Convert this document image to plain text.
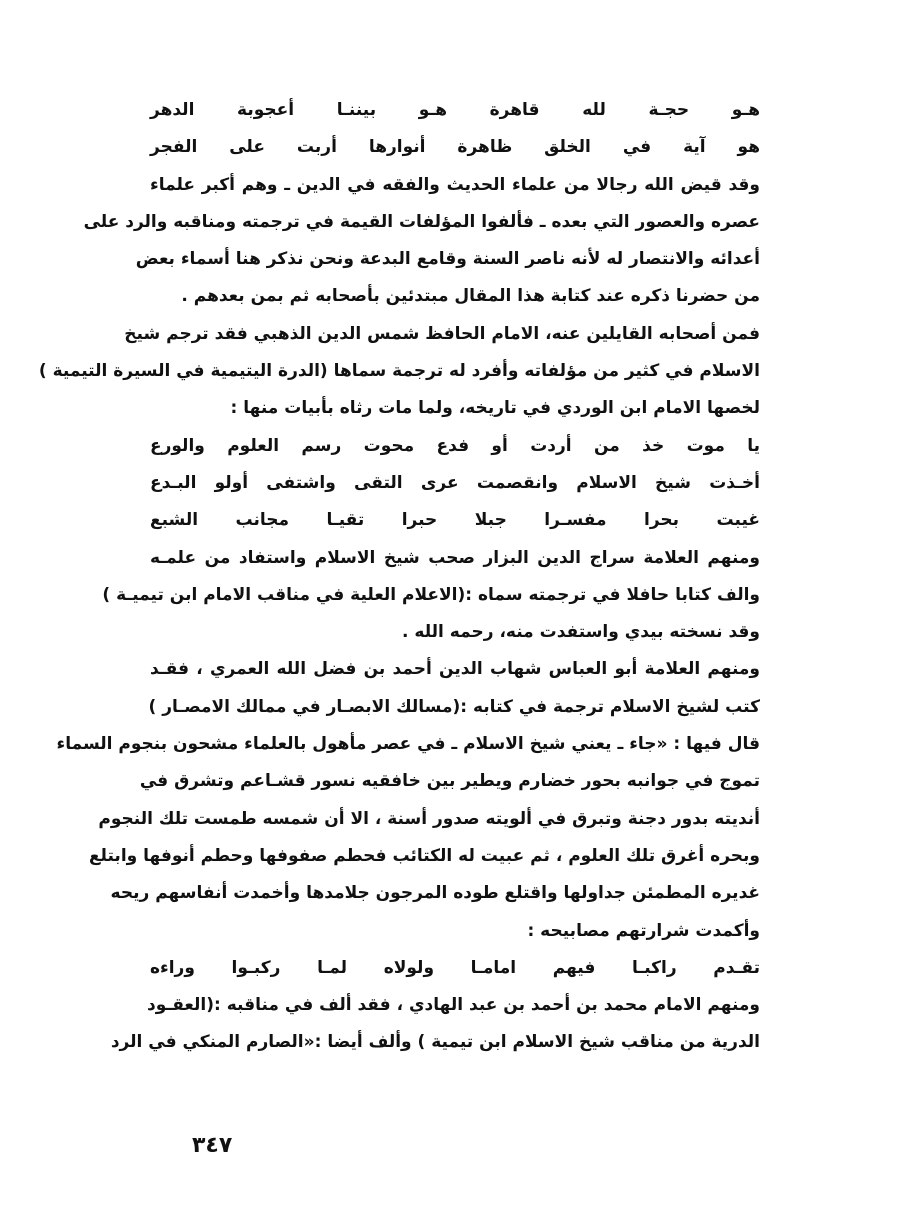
هـو حجـة لله قاهرة هـو بيننـا أعجوبة الدهر
هو آية في الخلق ظاهرة أنوارها أربت على الفجر
وقد قيض الله رجالا من علماء الحديث والفقه في الدين ـ وهم أكبر علماء
عصره والعصور التي بعده ـ فألفوا المؤلفات القيمة في ترجمته ومناقبه والرد على
أعدائه والانتصار له لأنه ناصر السنة وقامع البدعة ونحن نذكر هنا أسماء بعض
من حضرنا ذكره عند كتابة هذا المقال مبتدئين بأصحابه ثم بمن بعدهم .
فمن أصحابه القايلين عنه، الامام الحافظ شمس الدين الذهبي فقد ترجم شيخ
الاسلام في كثير من مؤلفاته وأفرد له ترجمة سماها (الدرة اليتيمية في السيرة التيمية )
لخصها الامام ابن الوردي في تاريخه، ولما مات رثاه بأبيات منها :
يا موت خذ من أردت أو فدع محوت رسم العلوم والورع
أخـذت شيخ الاسلام وانقصمت عرى التقى واشتفى أولو البـدع
غيبت بحرا مفسـرا جبلا حبرا تقيـا مجانب الشبع
ومنهم العلامة سراج الدين البزار صحب شيخ الاسلام واستفاد من علمـه
والف كتابا حافلا في ترجمته سماه :(الاعلام العلية في مناقب الامام ابن تيميـة )
وقد نسخته بيدي واستفدت منه، رحمه الله .
ومنهم العلامة أبو العباس شهاب الدين أحمد بن فضل الله العمري ، فقـد
كتب لشيخ الاسلام ترجمة في كتابه :(مسالك الابصـار في ممالك الامصـار )
قال فيها : «جاء ـ يعني شيخ الاسلام ـ في عصر مأهول بالعلماء مشحون بنجوم السماء
تموج في جوانبه بحور خضارم ويطير بين خافقيه نسور قشـاعم وتشرق في
أنديته بدور دجنة وتبرق في ألويته صدور أسنة ، الا أن شمسه طمست تلك النجوم
وبحره أغرق تلك العلوم ، ثم عبيت له الكتائب فحطم صفوفها وحطم أنوفها وابتلع
غديره المطمئن جداولها واقتلع طوده المرجون جلامدها وأخمدت أنفاسهم ريحه
وأكمدت شرارتهم مصابيحه :
تقـدم راكبـا فيهم امامـا ولولاه لمـا ركبـوا وراءه
ومنهم الامام محمد بن أحمد بن عبد الهادي ، فقد ألف في مناقبه :(العقـود
الدرية من مناقب شيخ الاسلام ابن تيمية ) وألف أيضا :«الصارم المنكي في الرد
٣٤٧
